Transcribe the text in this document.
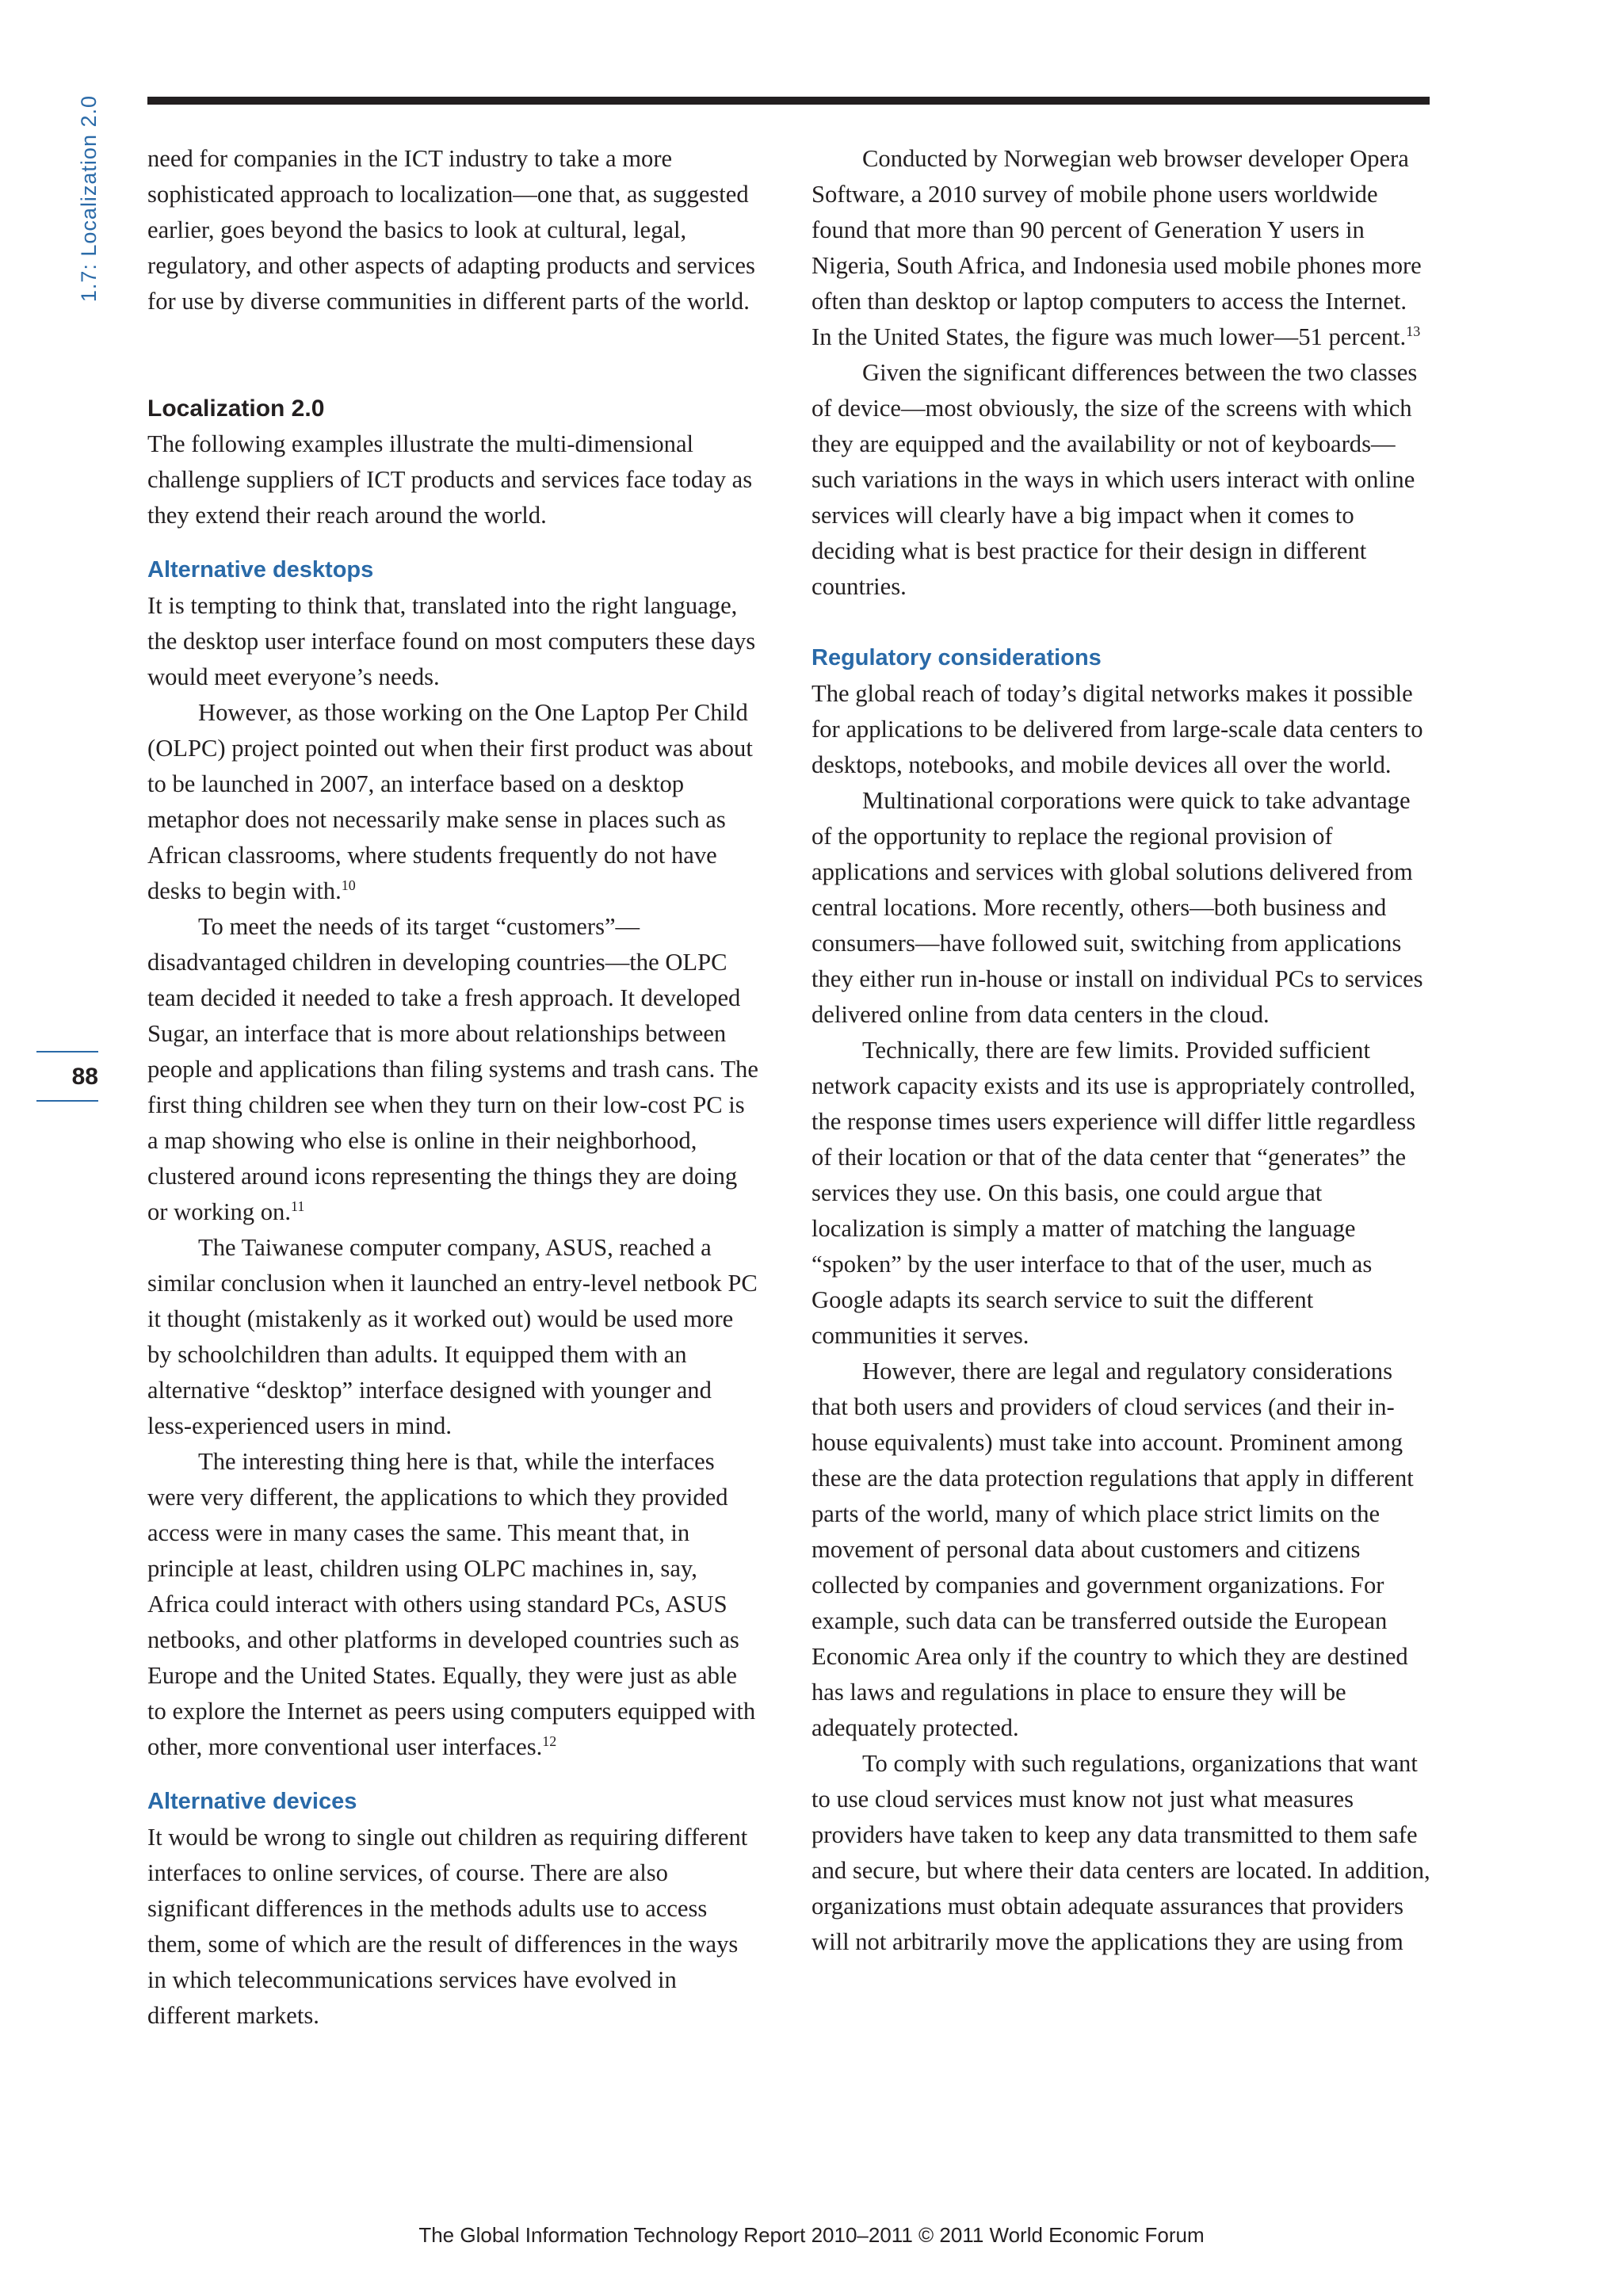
1.7: Localization 2.0
88

need for companies in the ICT industry to take a more sophisticated approach to localization—one that, as suggested earlier, goes beyond the basics to look at cultural, legal, regulatory, and other aspects of adapting products and services for use by diverse communities in different parts of the world.

Localization 2.0

The following examples illustrate the multi-dimensional challenge suppliers of ICT products and services face today as they extend their reach around the world.

Alternative desktops

It is tempting to think that, translated into the right language, the desktop user interface found on most computers these days would meet everyone’s needs.

However, as those working on the One Laptop Per Child (OLPC) project pointed out when their first product was about to be launched in 2007, an interface based on a desktop metaphor does not necessarily make sense in places such as African classrooms, where students frequently do not have desks to begin with.$^{10}$

To meet the needs of its target “customers”—disadvantaged children in developing countries—the OLPC team decided it needed to take a fresh approach. It developed Sugar, an interface that is more about relationships between people and applications than filing systems and trash cans. The first thing children see when they turn on their low-cost PC is a map showing who else is online in their neighborhood, clustered around icons representing the things they are doing or working on.$^{11}$

The Taiwanese computer company, ASUS, reached a similar conclusion when it launched an entry-level netbook PC it thought (mistakenly as it worked out) would be used more by schoolchildren than adults. It equipped them with an alternative “desktop” interface designed with younger and less-experienced users in mind.

The interesting thing here is that, while the interfaces were very different, the applications to which they provided access were in many cases the same. This meant that, in principle at least, children using OLPC machines in, say, Africa could interact with others using standard PCs, ASUS netbooks, and other platforms in developed countries such as Europe and the United States. Equally, they were just as able to explore the Internet as peers using computers equipped with other, more conventional user interfaces.$^{12}$

Alternative devices

It would be wrong to single out children as requiring different interfaces to online services, of course. There are also significant differences in the methods adults use to access them, some of which are the result of differences in the ways in which telecommunications services have evolved in different markets.

Conducted by Norwegian web browser developer Opera Software, a 2010 survey of mobile phone users worldwide found that more than 90 percent of Generation Y users in Nigeria, South Africa, and Indonesia used mobile phones more often than desktop or laptop computers to access the Internet. In the United States, the figure was much lower—51 percent.$^{13}$

Given the significant differences between the two classes of device—most obviously, the size of the screens with which they are equipped and the availability or not of keyboards—such variations in the ways in which users interact with online services will clearly have a big impact when it comes to deciding what is best practice for their design in different countries.

Regulatory considerations

The global reach of today’s digital networks makes it possible for applications to be delivered from large-scale data centers to desktops, notebooks, and mobile devices all over the world.

Multinational corporations were quick to take advantage of the opportunity to replace the regional provision of applications and services with global solutions delivered from central locations. More recently, others—both business and consumers—have followed suit, switching from applications they either run in-house or install on individual PCs to services delivered online from data centers in the cloud.

Technically, there are few limits. Provided sufficient network capacity exists and its use is appropriately controlled, the response times users experience will differ little regardless of their location or that of the data center that “generates” the services they use. On this basis, one could argue that localization is simply a matter of matching the language “spoken” by the user interface to that of the user, much as Google adapts its search service to suit the different communities it serves.

However, there are legal and regulatory considerations that both users and providers of cloud services (and their in-house equivalents) must take into account. Prominent among these are the data protection regulations that apply in different parts of the world, many of which place strict limits on the movement of personal data about customers and citizens collected by companies and government organizations. For example, such data can be transferred outside the European Economic Area only if the country to which they are destined has laws and regulations in place to ensure they will be adequately protected.

To comply with such regulations, organizations that want to use cloud services must know not just what measures providers have taken to keep any data transmitted to them safe and secure, but where their data centers are located. In addition, organizations must obtain adequate assurances that providers will not arbitrarily move the applications they are using from

The Global Information Technology Report 2010–2011 © 2011 World Economic Forum
